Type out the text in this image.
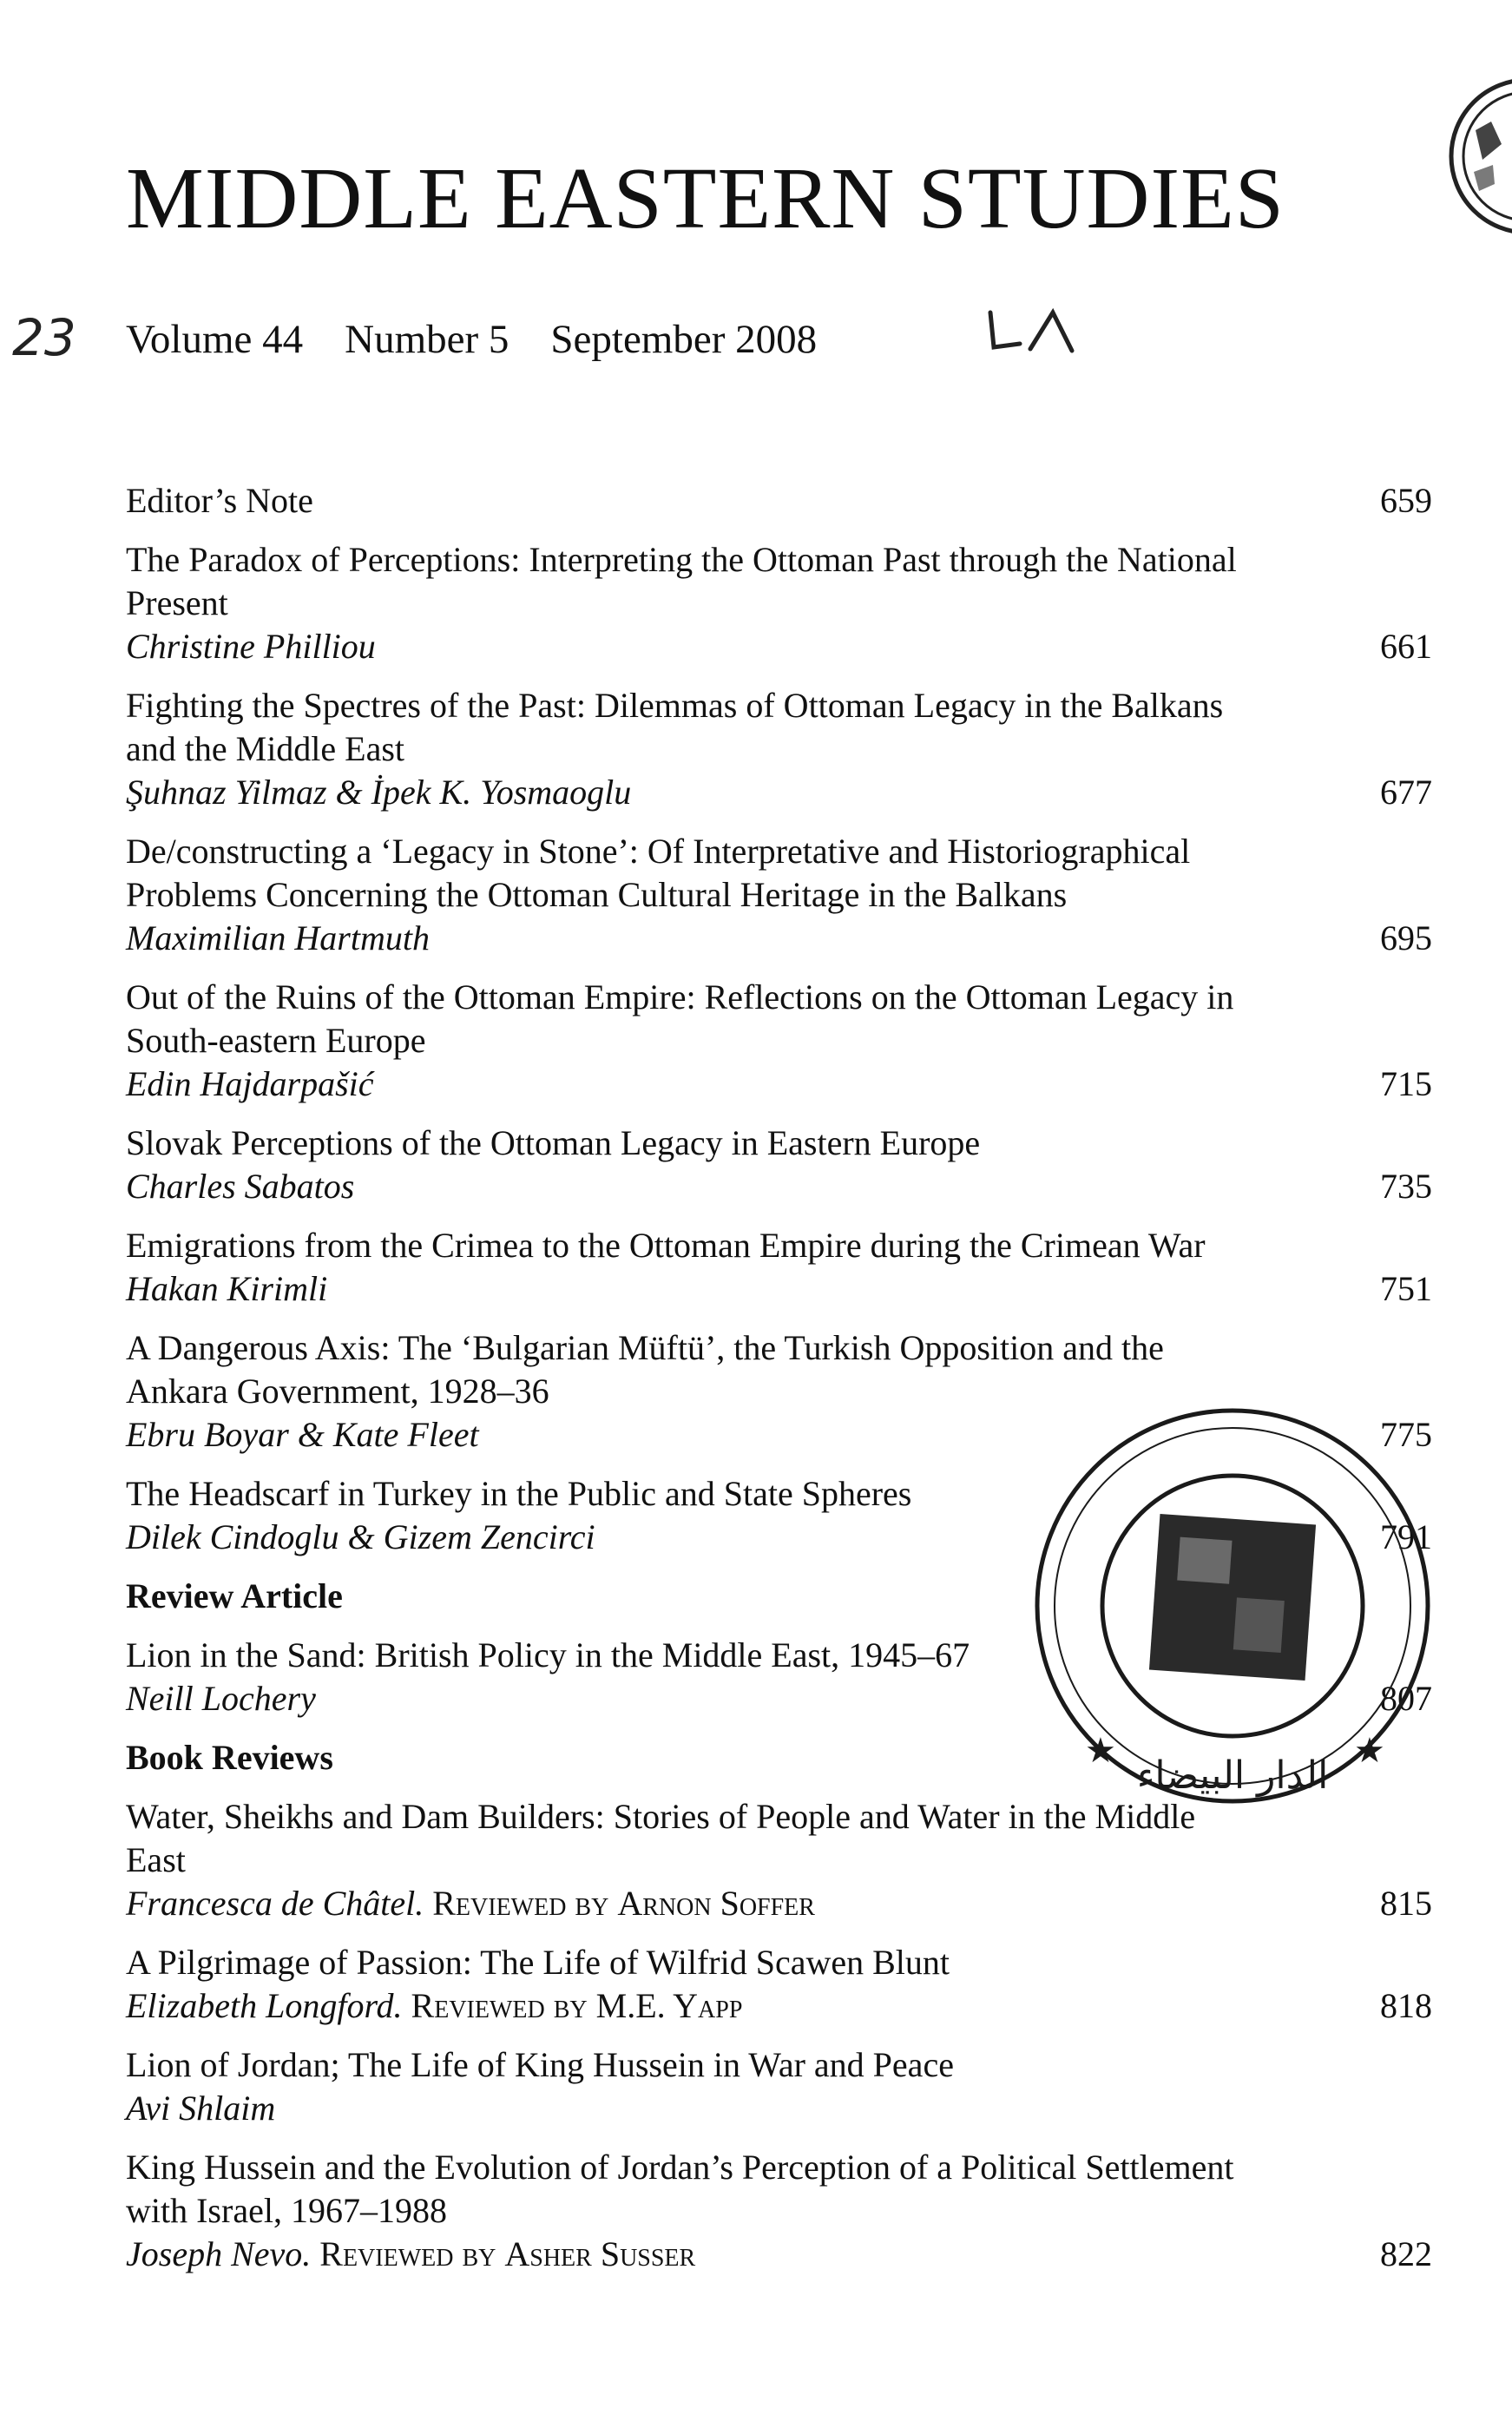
23
MIDDLE EASTERN STUDIES
Volume 44 Number 5 September 2008
Editor’s Note	659
The Paradox of Perceptions: Interpreting the Ottoman Past through the National Present
Christine Philliou	661
Fighting the Spectres of the Past: Dilemmas of Ottoman Legacy in the Balkans and the Middle East
Şuhnaz Yilmaz & İpek K. Yosmaoglu	677
De/constructing a ‘Legacy in Stone’: Of Interpretative and Historiographical Problems Concerning the Ottoman Cultural Heritage in the Balkans
Maximilian Hartmuth	695
Out of the Ruins of the Ottoman Empire: Reflections on the Ottoman Legacy in South-eastern Europe
Edin Hajdarpašić	715
Slovak Perceptions of the Ottoman Legacy in Eastern Europe
Charles Sabatos	735
Emigrations from the Crimea to the Ottoman Empire during the Crimean War
Hakan Kirimli	751
A Dangerous Axis: The ‘Bulgarian Müftü’, the Turkish Opposition and the Ankara Government, 1928–36
Ebru Boyar & Kate Fleet	775
The Headscarf in Turkey in the Public and State Spheres
Dilek Cindoglu & Gizem Zencirci	791
Review Article
Lion in the Sand: British Policy in the Middle East, 1945–67
Neill Lochery	807
Book Reviews
Water, Sheikhs and Dam Builders: Stories of People and Water in the Middle East
Francesca de Châtel. Reviewed by Arnon Soffer	815
A Pilgrimage of Passion: The Life of Wilfrid Scawen Blunt
Elizabeth Longford. Reviewed by M.E. Yapp	818
Lion of Jordan; The Life of King Hussein in War and Peace
Avi Shlaim
King Hussein and the Evolution of Jordan’s Perception of a Political Settlement with Israel, 1967–1988
Joseph Nevo. Reviewed by Asher Susser	822
★	★
الدار البيضاء
